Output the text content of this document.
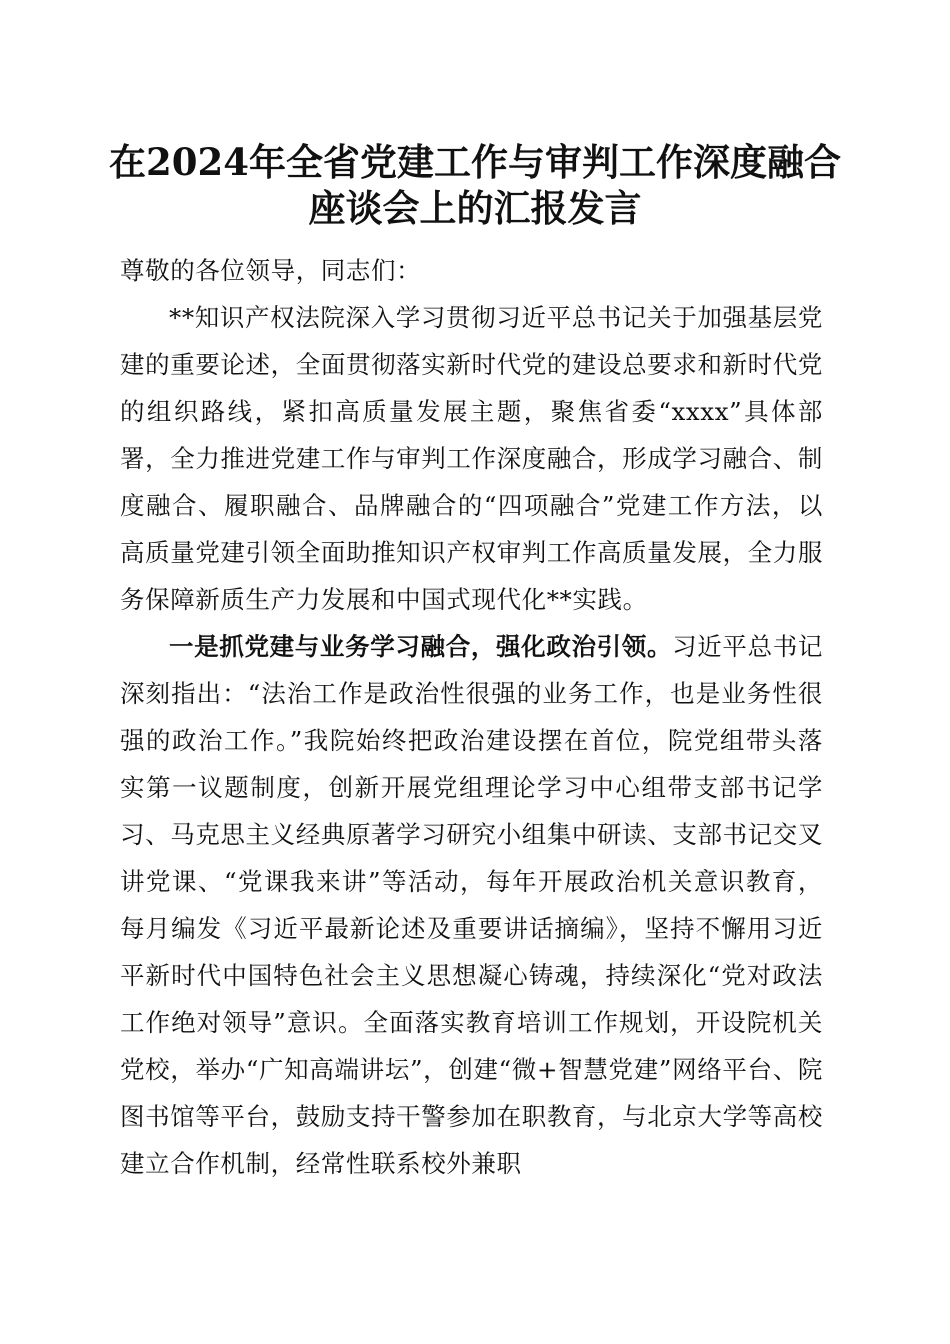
在2024年全省党建工作与审判工作深度融合
座谈会上的汇报发言

尊敬的各位领导，同志们：

**知识产权法院深入学习贯彻习近平总书记关于加强基层党建的重要论述，全面贯彻落实新时代党的建设总要求和新时代党的组织路线，紧扣高质量发展主题，聚焦省委“xxxx”具体部署，全力推进党建工作与审判工作深度融合，形成学习融合、制度融合、履职融合、品牌融合的“四项融合”党建工作方法，以高质量党建引领全面助推知识产权审判工作高质量发展，全力服务保障新质生产力发展和中国式现代化**实践。

一是抓党建与业务学习融合，强化政治引领。习近平总书记深刻指出：“法治工作是政治性很强的业务工作，也是业务性很强的政治工作。”我院始终把政治建设摆在首位，院党组带头落实第一议题制度，创新开展党组理论学习中心组带支部书记学习、马克思主义经典原著学习研究小组集中研读、支部书记交叉讲党课、“党课我来讲”等活动，每年开展政治机关意识教育，每月编发《习近平最新论述及重要讲话摘编》，坚持不懈用习近平新时代中国特色社会主义思想凝心铸魂，持续深化“党对政法工作绝对领导”意识。全面落实教育培训工作规划，开设院机关党校，举办“广知高端讲坛”，创建“微+智慧党建”网络平台、院图书馆等平台，鼓励支持干警参加在职教育，与北京大学等高校建立合作机制，经常性联系校外兼职
